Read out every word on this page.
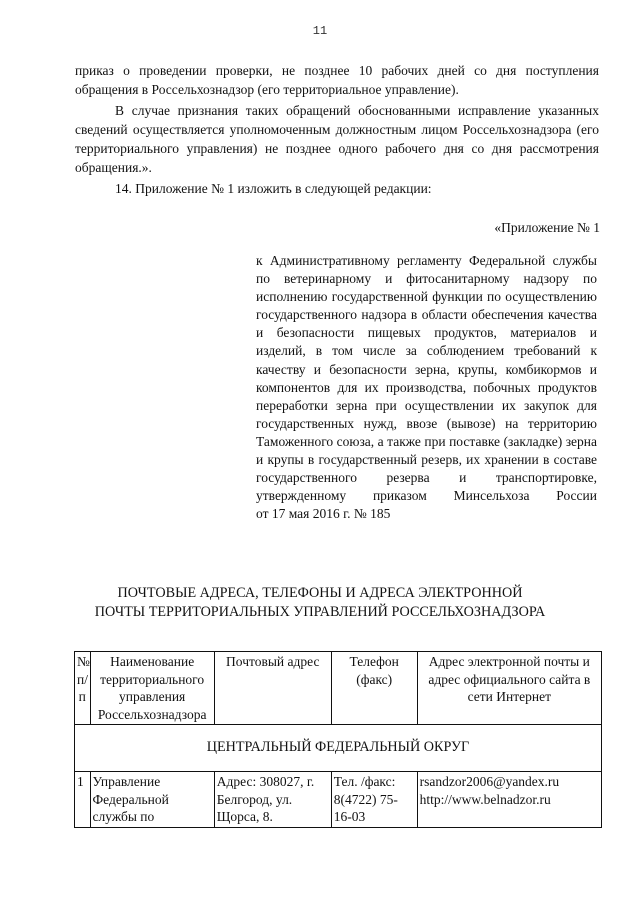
11

приказ о проведении проверки, не позднее 10 рабочих дней со дня поступления обращения в Россельхознадзор (его территориальное управление).

В случае признания таких обращений обоснованными исправление указанных сведений осуществляется уполномоченным должностным лицом Россельхознадзора (его территориального управления) не позднее одного рабочего дня со дня рассмотрения обращения.».

14. Приложение № 1 изложить в следующей редакции:

«Приложение № 1

к Административному регламенту Федеральной службы по ветеринарному и фитосанитарному надзору по исполнению государственной функции по осуществлению государственного надзора в области обеспечения качества и безопасности пищевых продуктов, материалов и изделий, в том числе за соблюдением требований к качеству и безопасности зерна, крупы, комбикормов и компонентов для их производства, побочных продуктов переработки зерна при осуществлении их закупок для государственных нужд, ввозе (вывозе) на территорию Таможенного союза, а также при поставке (закладке) зерна и крупы в государственный резерв, их хранении в составе государственного резерва и транспортировке, утвержденному приказом Минсельхоза России
от 17 мая 2016 г. № 185

ПОЧТОВЫЕ АДРЕСА, ТЕЛЕФОНЫ И АДРЕСА ЭЛЕКТРОННОЙ
ПОЧТЫ ТЕРРИТОРИАЛЬНЫХ УПРАВЛЕНИЙ РОССЕЛЬХОЗНАДЗОРА
№ п/п	Наименование территориального управления Россельхознадзора	Почтовый адрес	Телефон (факс)	Адрес электронной почты и адрес официального сайта в сети Интернет
ЦЕНТРАЛЬНЫЙ ФЕДЕРАЛЬНЫЙ ОКРУГ				
1	Управление Федеральной службы по	Адрес: 308027, г. Белгород, ул. Щорса, 8.	Тел. /факс: 8(4722) 75-16-03	rsandzor2006@yandex.ru
http://www.belnadzor.ru
